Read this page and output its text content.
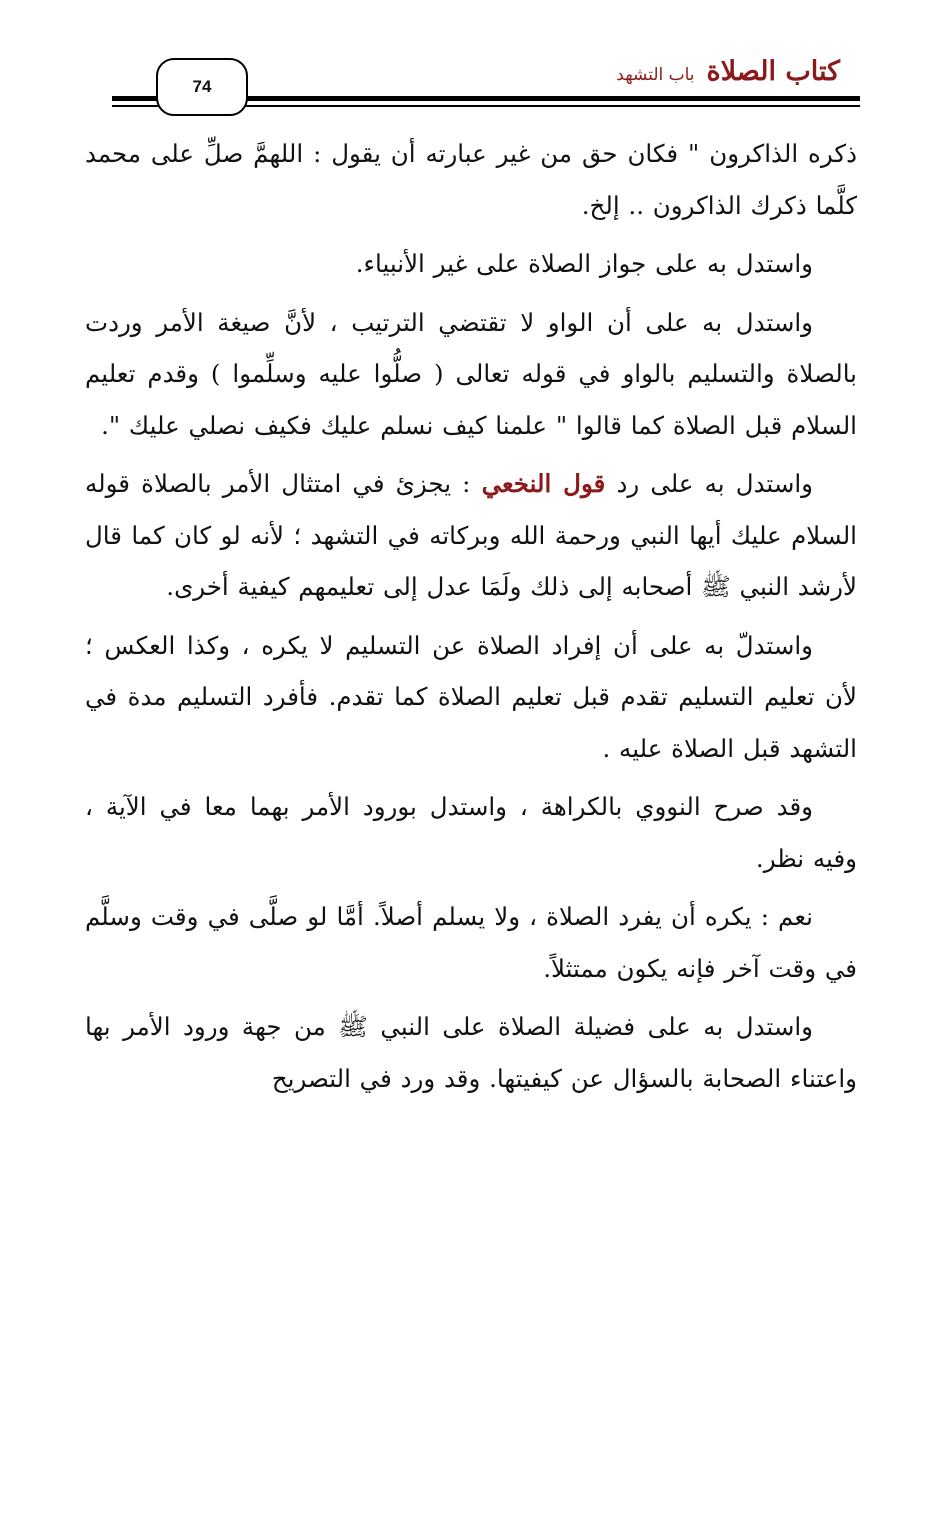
كتاب الصلاة
باب التشهد
74

ذكره الذاكرون " فكان حق من غير عبارته أن يقول : اللهمَّ صلِّ على محمد كلَّما ذكرك الذاكرون .. إلخ.

واستدل به على جواز الصلاة على غير الأنبياء.

واستدل به على أن الواو لا تقتضي الترتيب ، لأنَّ صيغة الأمر وردت بالصلاة والتسليم بالواو في قوله تعالى ( صلُّوا عليه وسلِّموا ) وقدم تعليم السلام قبل الصلاة كما قالوا " علمنا كيف نسلم عليك فكيف نصلي عليك ".

واستدل به على رد قول النخعي : يجزئ في امتثال الأمر بالصلاة قوله السلام عليك أيها النبي ورحمة الله وبركاته في التشهد ؛ لأنه لو كان كما قال لأرشد النبي ﷺ أصحابه إلى ذلك ولَمَا عدل إلى تعليمهم كيفية أخرى.

واستدلّ به على أن إفراد الصلاة عن التسليم لا يكره ، وكذا العكس ؛ لأن تعليم التسليم تقدم قبل تعليم الصلاة كما تقدم. فأفرد التسليم مدة في التشهد قبل الصلاة عليه .

وقد صرح النووي بالكراهة ، واستدل بورود الأمر بهما معا في الآية ، وفيه نظر.

نعم : يكره أن يفرد الصلاة ، ولا يسلم أصلاً. أمَّا لو صلَّى في وقت وسلَّم في وقت آخر فإنه يكون ممتثلاً.

واستدل به على فضيلة الصلاة على النبي ﷺ من جهة ورود الأمر بها واعتناء الصحابة بالسؤال عن كيفيتها. وقد ورد في التصريح
